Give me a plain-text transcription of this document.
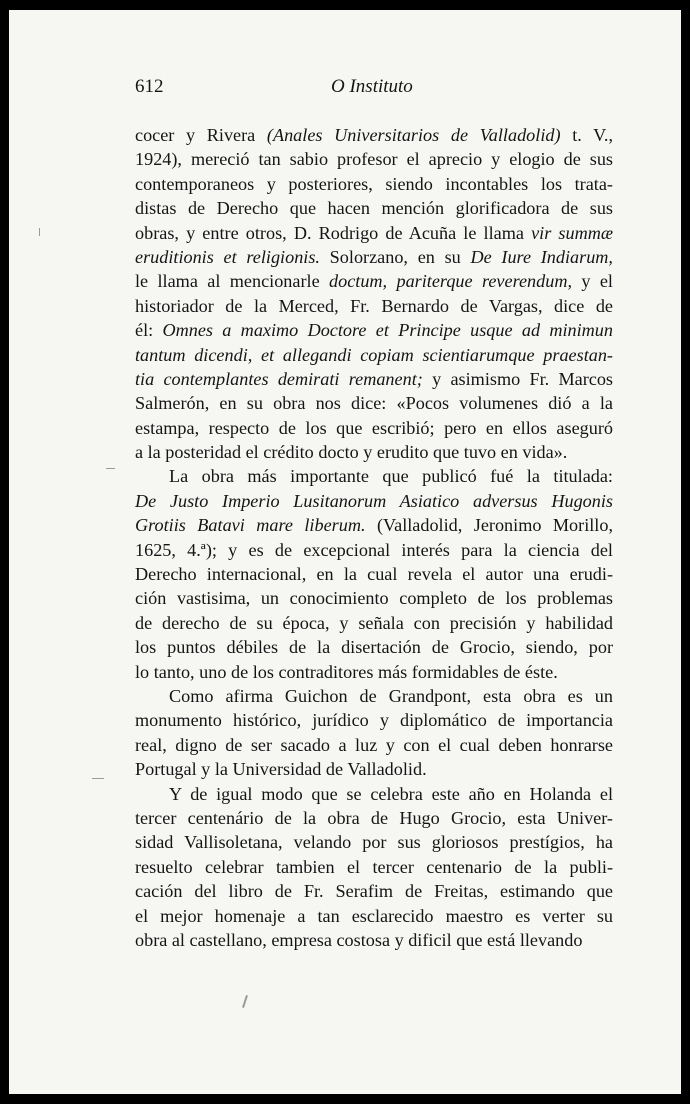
612	O Instituto
cocer y Rivera (Anales Universitarios de Valladolid) t. V.,
1924), mereció tan sabio profesor el aprecio y elogio de sus
contemporaneos y posteriores, siendo incontables los trata-
distas de Derecho que hacen mención glorificadora de sus
obras, y entre otros, D. Rodrigo de Acuña le llama vir summæ
eruditionis et religionis. Solorzano, en su De Iure Indiarum,
le llama al mencionarle doctum, pariterque reverendum, y el
historiador de la Merced, Fr. Bernardo de Vargas, dice de
él: Omnes a maximo Doctore et Principe usque ad minimun
tantum dicendi, et allegandi copiam scientiarumque praestan-
tia contemplantes demirati remanent; y asimismo Fr. Marcos
Salmerón, en su obra nos dice: «Pocos volumenes dió a la
estampa, respecto de los que escribió; pero en ellos aseguró
a la posteridad el crédito docto y erudito que tuvo en vida».
La obra más importante que publicó fué la titulada:
De Justo Imperio Lusitanorum Asiatico adversus Hugonis
Grotiis Batavi mare liberum. (Valladolid, Jeronimo Morillo,
1625, 4.ª); y es de excepcional interés para la ciencia del
Derecho internacional, en la cual revela el autor una erudi-
ción vastisima, un conocimiento completo de los problemas
de derecho de su época, y señala con precisión y habilidad
los puntos débiles de la disertación de Grocio, siendo, por
lo tanto, uno de los contraditores más formidables de éste.
Como afirma Guichon de Grandpont, esta obra es un
monumento histórico, jurídico y diplomático de importancia
real, digno de ser sacado a luz y con el cual deben honrarse
Portugal y la Universidad de Valladolid.
Y de igual modo que se celebra este año en Holanda el
tercer centenário de la obra de Hugo Grocio, esta Univer-
sidad Vallisoletana, velando por sus gloriosos prestígios, ha
resuelto celebrar tambien el tercer centenario de la publi-
cación del libro de Fr. Serafim de Freitas, estimando que
el mejor homenaje a tan esclarecido maestro es verter su
obra al castellano, empresa costosa y dificil que está llevando
